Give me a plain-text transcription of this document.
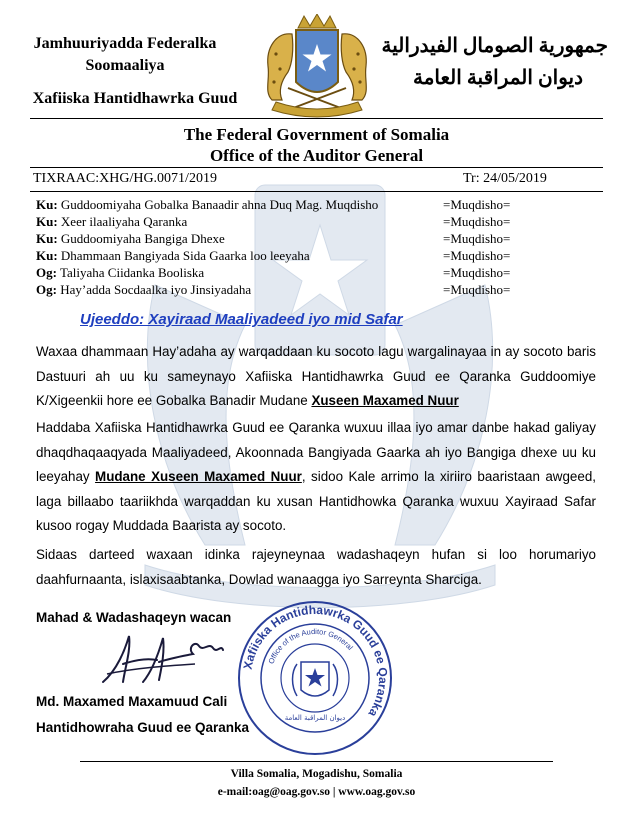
Jamhuuriyadda Federalka
Soomaaliya
Xafiiska Hantidhawrka Guud
جمهورية الصومال الفيدرالية
ديوان المراقبة العامة
The Federal Government of Somalia
Office of the Auditor General
TIXRAAC:XHG/HG.0071/2019	Tr: 24/05/2019
Ku: Guddoomiyaha Gobalka Banaadir ahna Duq Mag. Muqdisho	=Muqdisho=
Ku: Xeer ilaaliyaha Qaranka	=Muqdisho=
Ku: Guddoomiyaha Bangiga Dhexe	=Muqdisho=
Ku: Dhammaan Bangiyada Sida Gaarka loo leeyaha	=Muqdisho=
Og: Taliyaha Ciidanka Booliska	=Muqdisho=
Og: Hay’adda Socdaalka iyo Jinsiyadaha	=Muqdisho=
Ujeeddo: Xayiraad Maaliyadeed iyo mid Safar
Waxaa dhammaan Hay’adaha ay warqaddaan ku socoto lagu wargalinayaa in ay socoto baris Dastuuri ah uu ku sameynayo Xafiiska Hantidhawrka Guud ee Qaranka Guddoomiye K/Xigeenkii hore ee Gobalka Banadir Mudane Xuseen Maxamed Nuur
Haddaba Xafiiska Hantidhawrka Guud ee Qaranka wuxuu illaa iyo amar danbe hakad galiyay dhaqdhaqaaqyada Maaliyadeed, Akoonnada Bangiyada Gaarka ah iyo Bangiga dhexe uu ku leeyahay Mudane Xuseen Maxamed Nuur, sidoo Kale arrimo la xiriiro baaristaan awgeed, laga billaabo taariikhda warqaddan ku xusan Hantidhowka Qaranka wuxuu Xayiraad Safar kusoo rogay Muddada Baarista ay socoto.
Sidaas darteed waxaan idinka rajeyneynaa wadashaqeyn hufan si loo horumariyo daahfurnaanta, islaxisaabtanka, Dowlad wanaagga iyo Sarreynta Sharciga.
Mahad & Wadashaqeyn wacan
Xafiiska Hantidhawrka Guud ee Qaranka
Office of the Auditor General
ديوان المراقبة العامة
Md. Maxamed Maxamuud Cali
Hantidhowraha Guud ee Qaranka
Villa Somalia, Mogadishu, Somalia
e-mail:oag@oag.gov.so | www.oag.gov.so
